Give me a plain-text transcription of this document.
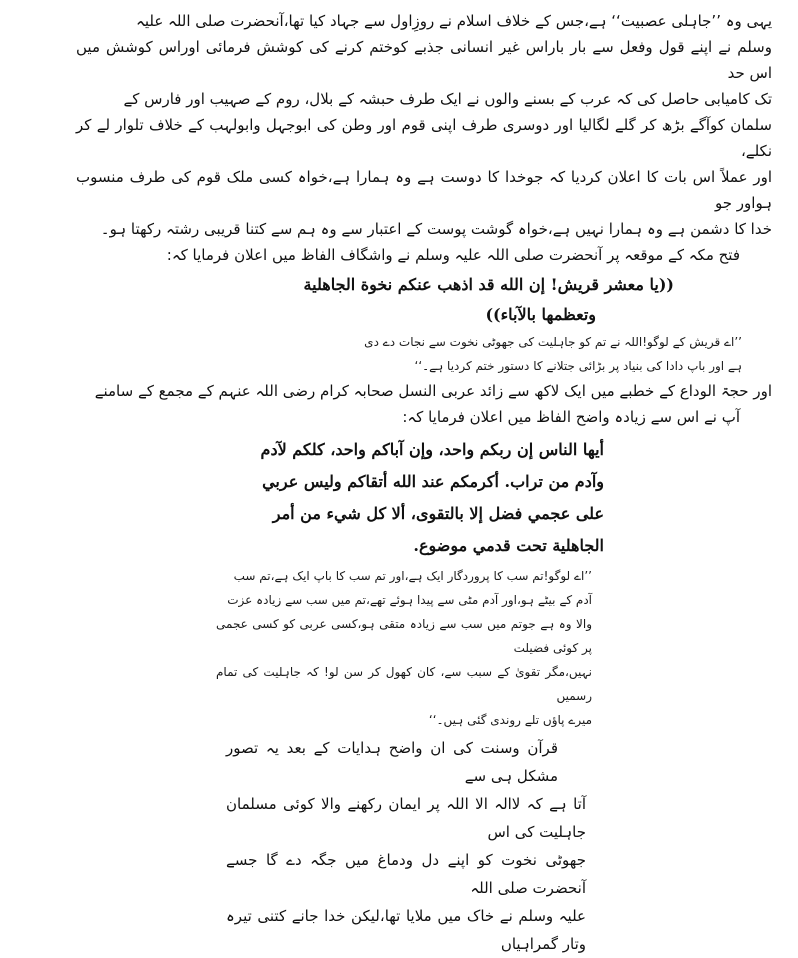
یہی وہ ’’جاہلی عصبیت‘‘ ہے،جس کے خلاف اسلام نے روزِاول سے جہاد کیا تھا،آنحضرت صلی اللہ علیہ
وسلم نے اپنے قول وفعل سے بار باراس غیر انسانی جذبے کوختم کرنے کی کوشش فرمائی اوراس کوشش میں اس حد
تک کامیابی حاصل کی کہ عرب کے بسنے والوں نے ایک طرف حبشہ کے بلال، روم کے صہیب اور فارس کے
سلمان کوآگے بڑھ کر گلے لگالیا اور دوسری طرف اپنی قوم اور وطن کی ابوجہل وابولہب کے خلاف تلوار لے کر نکلے،
اور عملاً اس بات کا اعلان کردیا کہ جوخدا کا دوست ہے وہ ہمارا ہے،خواہ کسی ملک قوم کی طرف منسوب ہواور جو
خدا کا دشمن ہے وہ ہمارا نہیں ہے،خواہ گوشت پوست کے اعتبار سے وہ ہم سے کتنا قریبی رشتہ رکھتا ہو۔
فتح مکہ کے موقعہ پر آنحضرت صلی اللہ علیہ وسلم نے واشگاف الفاظ میں اعلان فرمایا کہ:
((يا معشر قريش! إن الله قد اذهب عنكم نخوة الجاهلية
وتعظمها بالآباء))
’’اے قریش کے لوگو!اللہ نے تم کو جاہلیت کی جھوٹی نخوت سے نجات دے دی
ہے اور باپ دادا کی بنیاد پر بڑائی جتلانے کا دستور ختم کردیا ہے۔‘‘
اور حجۃ الوداع کے خطبے میں ایک لاکھ سے زائد عربی النسل صحابہ کرام رضی اللہ عنہم کے مجمع کے سامنے
آپ نے اس سے زیادہ واضح الفاظ میں اعلان فرمایا کہ:
أيها الناس إن ربكم واحد، وإن آباكم واحد، كلكم لآدم
وآدم من تراب. أكرمكم عند الله أتقاكم وليس عربي
على عجمي فضل إلا بالتقوى، ألا كل شيء من أمر
الجاهلية تحت قدمي موضوع.
’’اے لوگو!تم سب کا پروردگار ایک ہے،اور تم سب کا باپ ایک ہے،تم سب
آدم کے بیٹے ہو،اور آدم مٹی سے پیدا ہوئے تھے،تم میں سب سے زیادہ عزت
والا وہ ہے جوتم میں سب سے زیادہ متقی ہو،کسی عربی کو کسی عجمی پر کوئی فضیلت
نہیں،مگر تقویٰ کے سبب سے، کان کھول کر سن لو! کہ جاہلیت کی تمام رسمیں
میرے پاؤں تلے روندی گئی ہیں۔‘‘
قرآن وسنت کی ان واضح ہدایات کے بعد یہ تصور مشکل ہی سے
آتا ہے کہ لاالہ الا اللہ پر ایمان رکھنے والا کوئی مسلمان جاہلیت کی اس
جھوٹی نخوت کو اپنے دل ودماغ میں جگہ دے گا جسے آنحضرت صلی اللہ
علیہ وسلم نے خاک میں ملایا تھا،لیکن خدا جانے کتنی تیرہ وتار گمراہیاں
